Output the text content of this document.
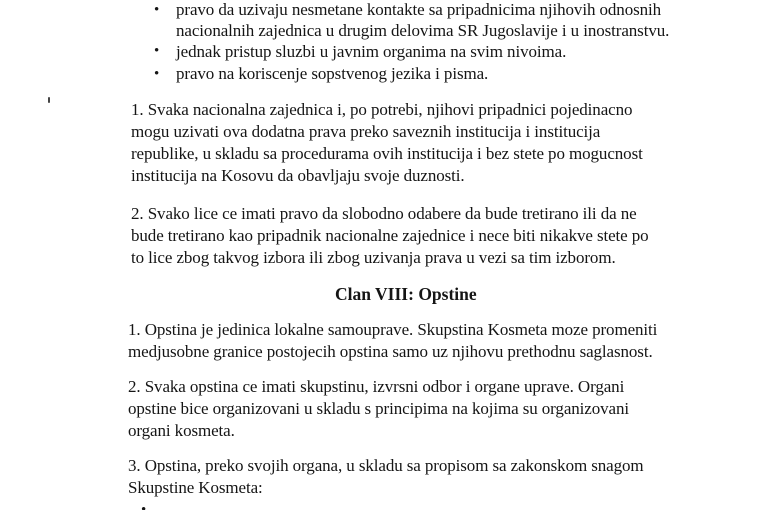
• pravo da uzivaju nesmetane kontakte sa pripadnicima njihovih odnosnih
nacionalnih zajednica u drugim delovima SR Jugoslavije i u inostranstvu.
• jednak pristup sluzbi u javnim organima na svim nivoima.
• pravo na koriscenje sopstvenog jezika i pisma.
1. Svaka nacionalna zajednica i, po potrebi, njihovi pripadnici pojedinacno
mogu uzivati ova dodatna prava preko saveznih institucija i institucija
republike, u skladu sa procedurama ovih institucija i bez stete po mogucnost
institucija na Kosovu da obavljaju svoje duznosti.
2. Svako lice ce imati pravo da slobodno odabere da bude tretirano ili da ne
bude tretirano kao pripadnik nacionalne zajednice i nece biti nikakve stete po
to lice zbog takvog izbora ili zbog uzivanja prava u vezi sa tim izborom.
Clan VIII: Opstine
1. Opstina je jedinica lokalne samouprave. Skupstina Kosmeta moze promeniti
medjusobne granice postojecih opstina samo uz njihovu prethodnu saglasnost.
2. Svaka opstina ce imati skupstinu, izvrsni odbor i organe uprave. Organi
opstine bice organizovani u skladu s principima na kojima su organizovani
organi kosmeta.
3. Opstina, preko svojih organa, u skladu sa propisom sa zakonskom snagom
Skupstine Kosmeta:
•
